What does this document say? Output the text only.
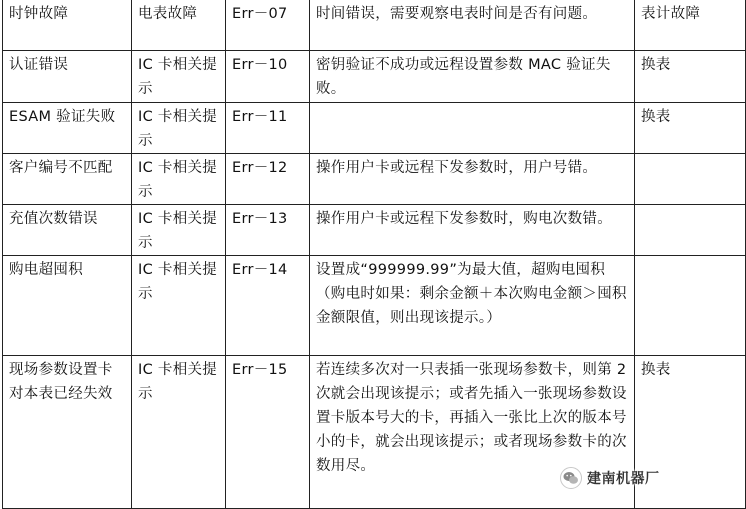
时钟故障	电表故障	Err－07	时间错误，需要观察电表时间是否有问题。	表计故障
认证错误	IC 卡相关提示	Err－10	密钥验证不成功或远程设置参数 MAC 验证失败。	换表
ESAM 验证失败	IC 卡相关提示	Err－11		换表
客户编号不匹配	IC 卡相关提示	Err－12	操作用户卡或远程下发参数时，用户号错。	
充值次数错误	IC 卡相关提示	Err－13	操作用户卡或远程下发参数时，购电次数错。	
购电超囤积	IC 卡相关提示	Err－14	设置成“999999.99”为最大值，超购电囤积（购电时如果：剩余金额＋本次购电金额＞囤积金额限值，则出现该提示。）	
现场参数设置卡对本表已经失效	IC 卡相关提示	Err－15	若连续多次对一只表插一张现场参数卡，则第 2 次就会出现该提示；或者先插入一张现场参数设置卡版本号大的卡，再插入一张比上次的版本号小的卡，就会出现该提示；或者现场参数卡的次数用尽。	换表
建南机器厂
